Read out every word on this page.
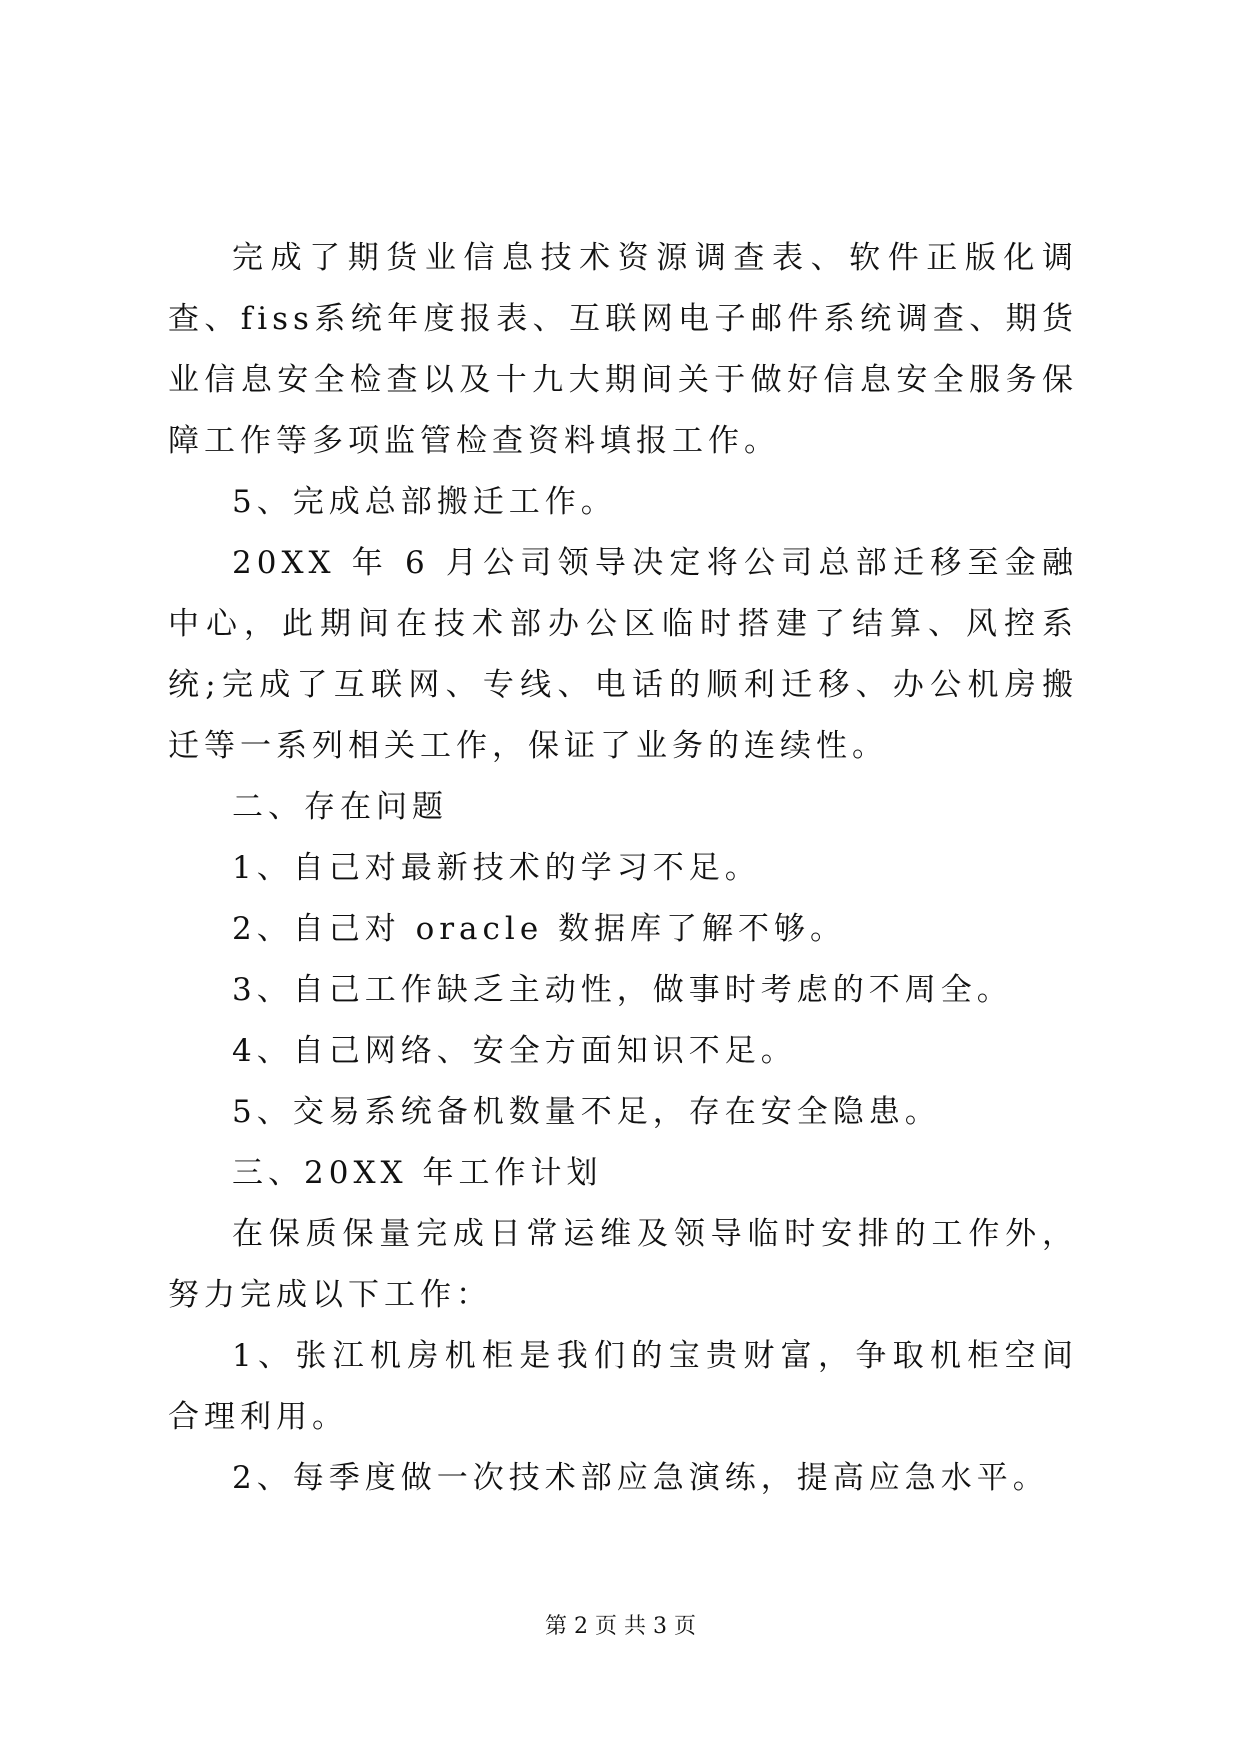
完成了期货业信息技术资源调查表、软件正版化调查、fiss系统年度报表、互联网电子邮件系统调查、期货业信息安全检查以及十九大期间关于做好信息安全服务保障工作等多项监管检查资料填报工作。

5、完成总部搬迁工作。

20XX 年 6 月公司领导决定将公司总部迁移至金融中心，此期间在技术部办公区临时搭建了结算、风控系统;完成了互联网、专线、电话的顺利迁移、办公机房搬迁等一系列相关工作，保证了业务的连续性。

二、存在问题

1、自己对最新技术的学习不足。

2、自己对 oracle 数据库了解不够。

3、自己工作缺乏主动性，做事时考虑的不周全。

4、自己网络、安全方面知识不足。

5、交易系统备机数量不足，存在安全隐患。

三、20XX 年工作计划

在保质保量完成日常运维及领导临时安排的工作外，努力完成以下工作：

1、张江机房机柜是我们的宝贵财富，争取机柜空间合理利用。

2、每季度做一次技术部应急演练，提高应急水平。

第 2 页 共 3 页
